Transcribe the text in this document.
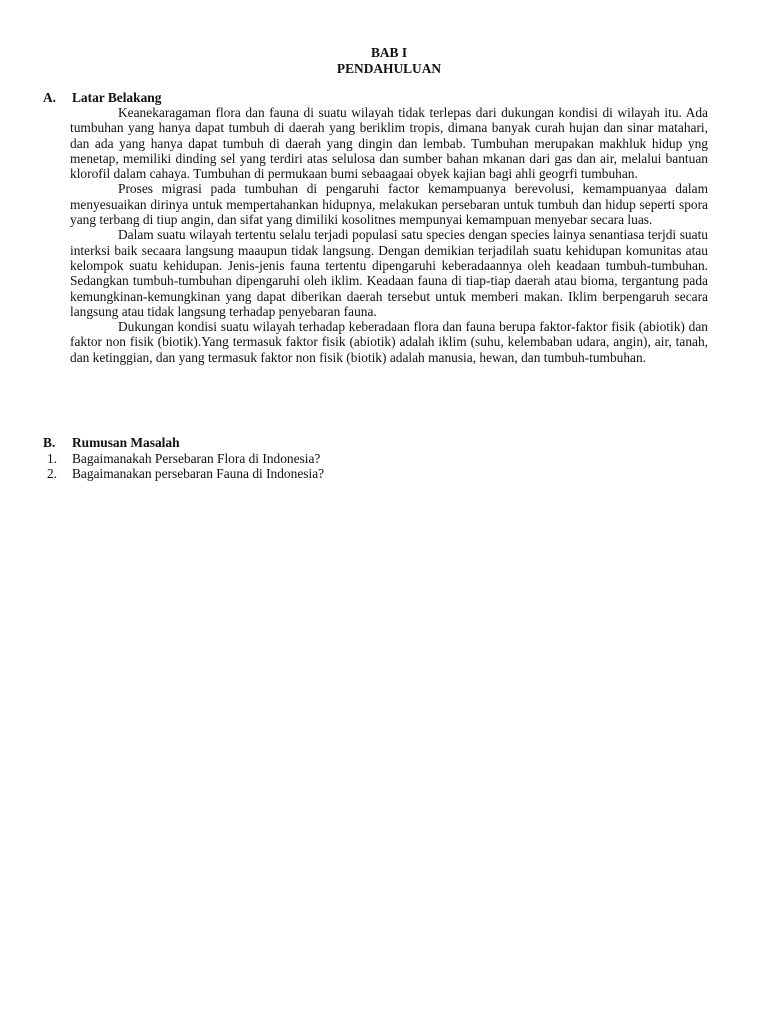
BAB I
PENDAHULUAN
A. Latar Belakang

Keanekaragaman flora dan fauna di suatu wilayah tidak terlepas dari dukungan kondisi di wilayah itu. Ada tumbuhan yang hanya dapat tumbuh di daerah yang beriklim tropis, dimana banyak curah hujan dan sinar matahari, dan ada yang hanya dapat tumbuh di daerah yang dingin dan lembab. Tumbuhan merupakan makhluk hidup yng menetap, memiliki dinding sel yang terdiri atas selulosa dan sumber bahan mkanan dari gas dan air, melalui bantuan klorofil dalam cahaya. Tumbuhan di permukaan bumi sebaagaai obyek kajian bagi ahli geogrfi tumbuhan.

Proses migrasi pada tumbuhan di pengaruhi factor kemampuanya berevolusi, kemampuanyaa dalam menyesuaikan dirinya untuk mempertahankan hidupnya, melakukan persebaran untuk tumbuh dan hidup seperti spora yang terbang di tiup angin, dan sifat yang dimiliki kosolitnes mempunyai kemampuan menyebar secara luas.

Dalam suatu wilayah tertentu selalu terjadi populasi satu species dengan species lainya senantiasa terjdi suatu interksi baik secaara langsung maaupun tidak langsung. Dengan demikian terjadilah suatu kehidupan komunitas atau kelompok suatu kehidupan. Jenis-jenis fauna tertentu dipengaruhi keberadaannya oleh keadaan tumbuh-tumbuhan. Sedangkan tumbuh-tumbuhan dipengaruhi oleh iklim. Keadaan fauna di tiap-tiap daerah atau bioma, tergantung pada kemungkinan-kemungkinan yang dapat diberikan daerah tersebut untuk memberi makan. Iklim berpengaruh secara langsung atau tidak langsung terhadap penyebaran fauna.

Dukungan kondisi suatu wilayah terhadap keberadaan flora dan fauna berupa faktor-faktor fisik (abiotik) dan faktor non fisik (biotik).Yang termasuk faktor fisik (abiotik) adalah iklim (suhu, kelembaban udara, angin), air, tanah, dan ketinggian, dan yang termasuk faktor non fisik (biotik) adalah manusia, hewan, dan tumbuh-tumbuhan.

B. Rumusan Masalah
1. Bagaimanakah Persebaran Flora di Indonesia?
2. Bagaimanakan persebaran Fauna di Indonesia?
